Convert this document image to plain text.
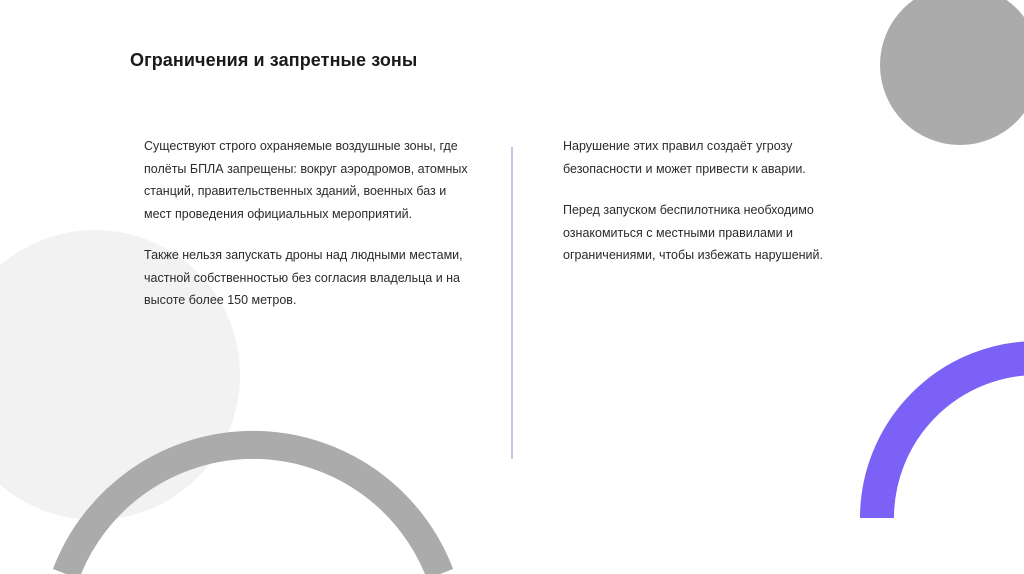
Ограничения и запретные зоны

Существуют строго охраняемые воздушные зоны, где полёты БПЛА запрещены: вокруг аэродромов, атомных станций, правительственных зданий, военных баз и мест проведения официальных мероприятий.

Также нельзя запускать дроны над людными местами, частной собственностью без согласия владельца и на высоте более 150 метров.

Нарушение этих правил создаёт угрозу безопасности и может привести к аварии.

Перед запуском беспилотника необходимо ознакомиться с местными правилами и ограничениями, чтобы избежать нарушений.
